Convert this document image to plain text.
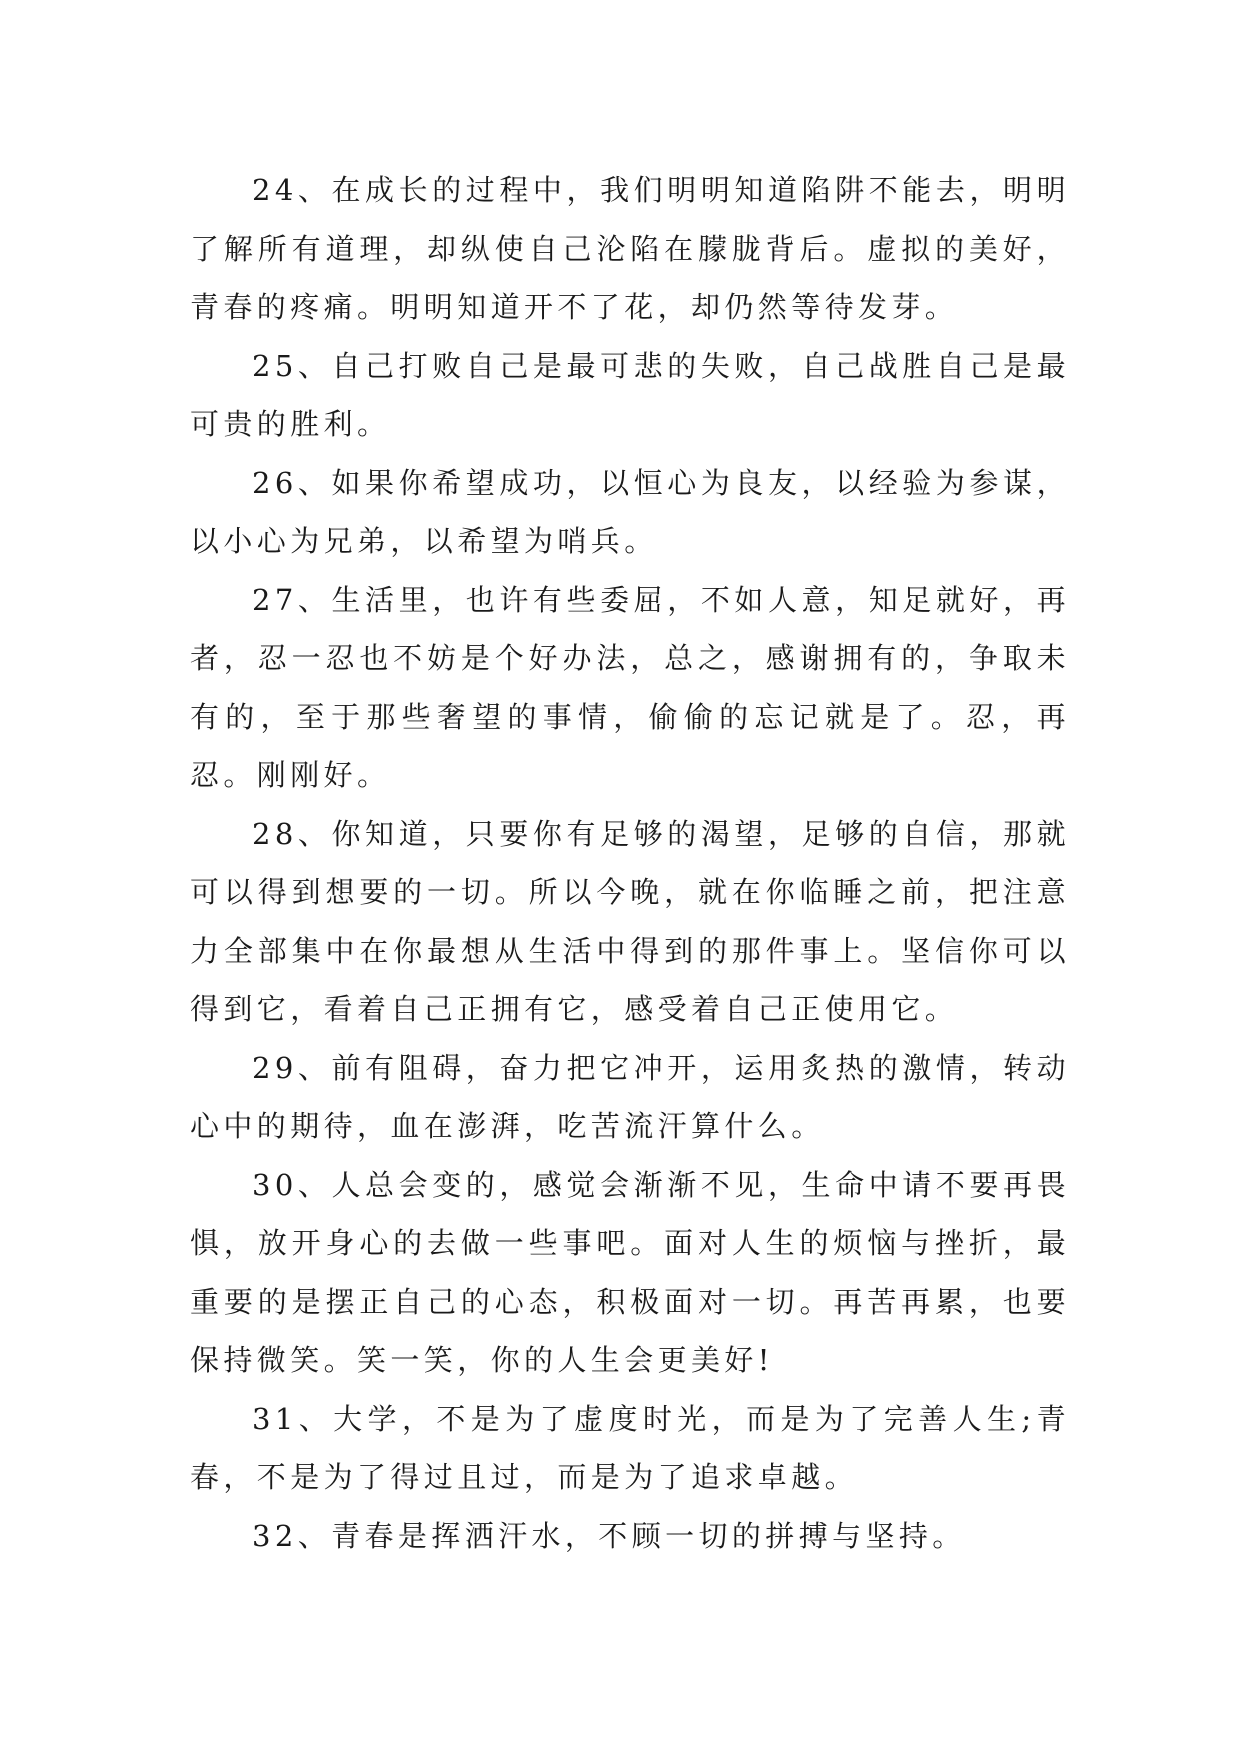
24、在成长的过程中，我们明明知道陷阱不能去，明明了解所有道理，却纵使自己沦陷在朦胧背后。虚拟的美好，青春的疼痛。明明知道开不了花，却仍然等待发芽。

25、自己打败自己是最可悲的失败，自己战胜自己是最可贵的胜利。

26、如果你希望成功，以恒心为良友，以经验为参谋，以小心为兄弟，以希望为哨兵。

27、生活里，也许有些委屈，不如人意，知足就好，再者，忍一忍也不妨是个好办法，总之，感谢拥有的，争取未有的，至于那些奢望的事情，偷偷的忘记就是了。忍，再忍。刚刚好。

28、你知道，只要你有足够的渴望，足够的自信，那就可以得到想要的一切。所以今晚，就在你临睡之前，把注意力全部集中在你最想从生活中得到的那件事上。坚信你可以得到它，看着自己正拥有它，感受着自己正使用它。

29、前有阻碍，奋力把它冲开，运用炙热的激情，转动心中的期待，血在澎湃，吃苦流汗算什么。

30、人总会变的，感觉会渐渐不见，生命中请不要再畏惧，放开身心的去做一些事吧。面对人生的烦恼与挫折，最重要的是摆正自己的心态，积极面对一切。再苦再累，也要保持微笑。笑一笑，你的人生会更美好!

31、大学，不是为了虚度时光，而是为了完善人生;青春，不是为了得过且过，而是为了追求卓越。

32、青春是挥洒汗水，不顾一切的拼搏与坚持。
